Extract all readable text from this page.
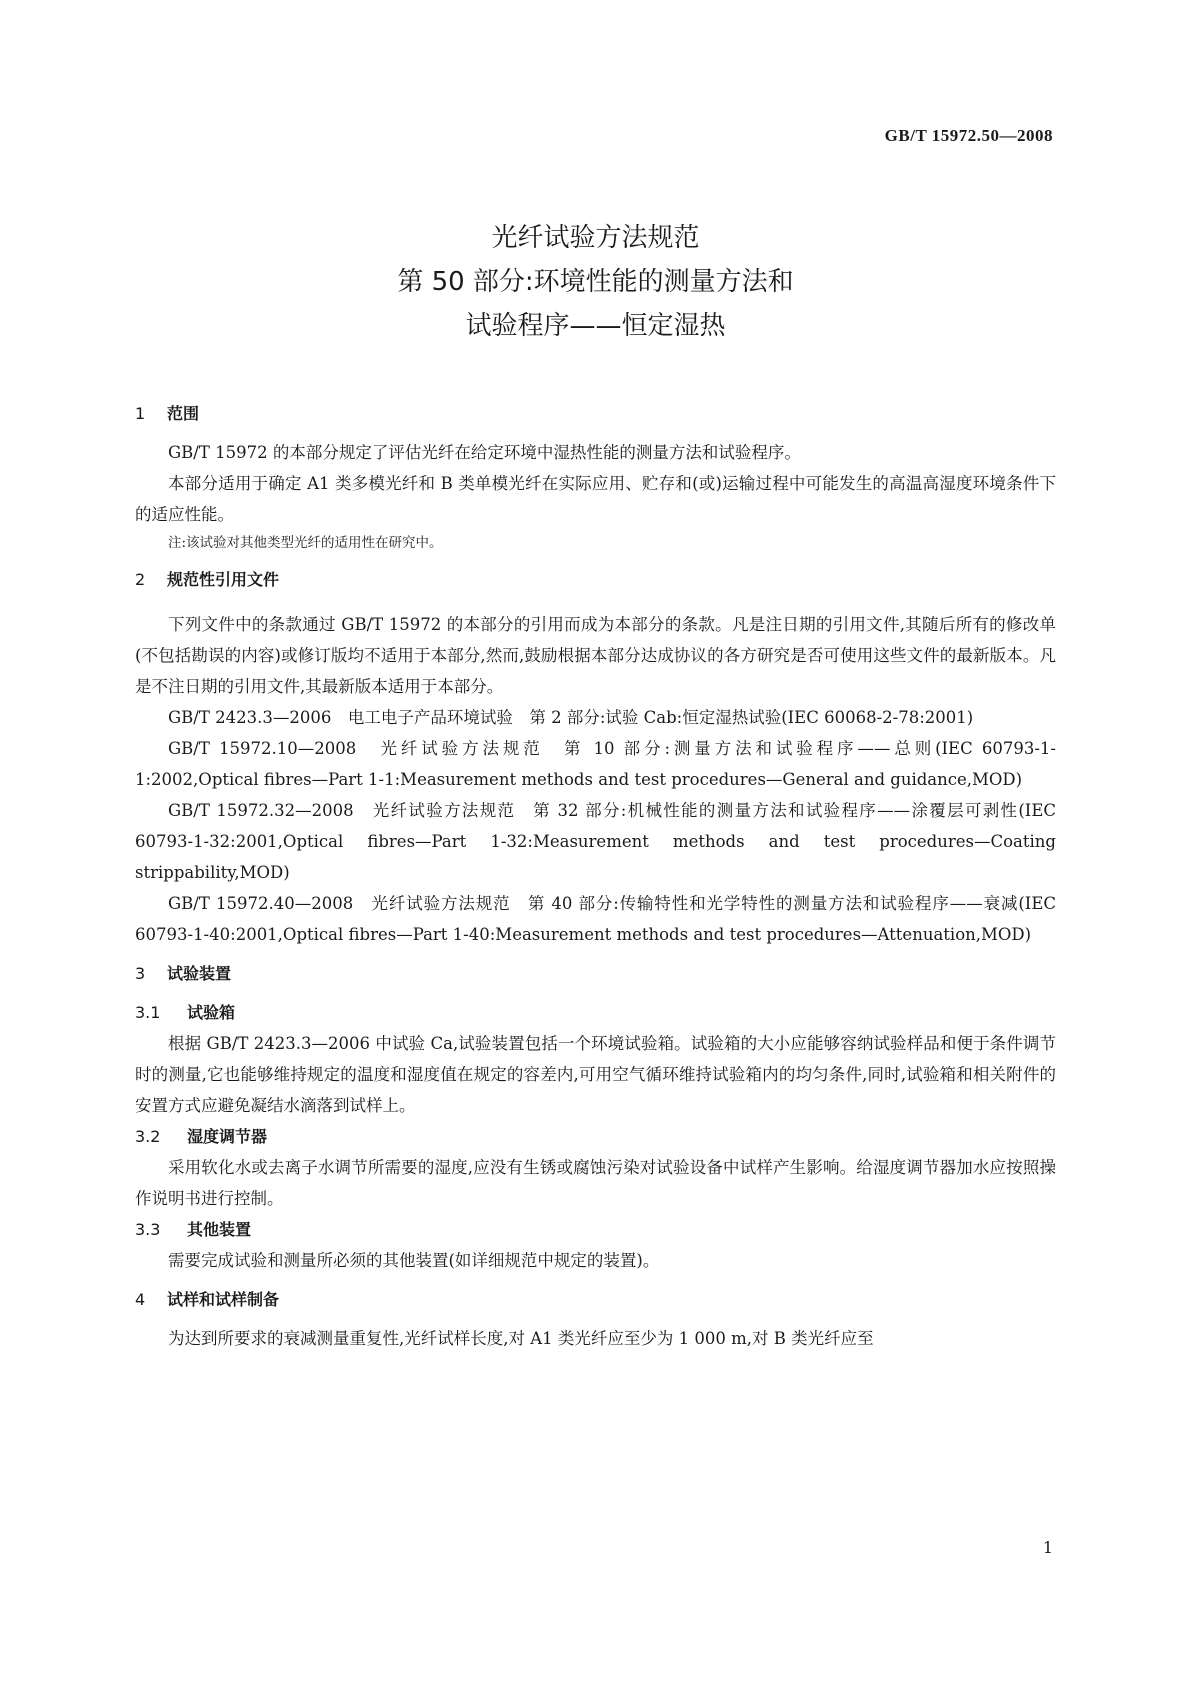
GB/T 15972.50—2008
光纤试验方法规范
第 50 部分:环境性能的测量方法和
试验程序——恒定湿热
1 范围

GB/T 15972 的本部分规定了评估光纤在给定环境中湿热性能的测量方法和试验程序。

本部分适用于确定 A1 类多模光纤和 B 类单模光纤在实际应用、贮存和(或)运输过程中可能发生的高温高湿度环境条件下的适应性能。

注:该试验对其他类型光纤的适用性在研究中。

2 规范性引用文件

下列文件中的条款通过 GB/T 15972 的本部分的引用而成为本部分的条款。凡是注日期的引用文件,其随后所有的修改单(不包括勘误的内容)或修订版均不适用于本部分,然而,鼓励根据本部分达成协议的各方研究是否可使用这些文件的最新版本。凡是不注日期的引用文件,其最新版本适用于本部分。

GB/T 2423.3—2006　电工电子产品环境试验　第 2 部分:试验 Cab:恒定湿热试验(IEC 60068-2-78:2001)

GB/T 15972.10—2008　光纤试验方法规范　第 10 部分:测量方法和试验程序——总则(IEC 60793-1-1:2002,Optical fibres—Part 1-1:Measurement methods and test procedures—General and guidance,MOD)

GB/T 15972.32—2008　光纤试验方法规范　第 32 部分:机械性能的测量方法和试验程序——涂覆层可剥性(IEC 60793-1-32:2001,Optical fibres—Part 1-32:Measurement methods and test procedures—Coating strippability,MOD)

GB/T 15972.40—2008　光纤试验方法规范　第 40 部分:传输特性和光学特性的测量方法和试验程序——衰减(IEC 60793-1-40:2001,Optical fibres—Part 1-40:Measurement methods and test procedures—Attenuation,MOD)

3 试验装置
3.1 试验箱

根据 GB/T 2423.3—2006 中试验 Ca,试验装置包括一个环境试验箱。试验箱的大小应能够容纳试验样品和便于条件调节时的测量,它也能够维持规定的温度和湿度值在规定的容差内,可用空气循环维持试验箱内的均匀条件,同时,试验箱和相关附件的安置方式应避免凝结水滴落到试样上。

3.2 湿度调节器

采用软化水或去离子水调节所需要的湿度,应没有生锈或腐蚀污染对试验设备中试样产生影响。给湿度调节器加水应按照操作说明书进行控制。

3.3 其他装置

需要完成试验和测量所必须的其他装置(如详细规范中规定的装置)。

4 试样和试样制备

为达到所要求的衰减测量重复性,光纤试样长度,对 A1 类光纤应至少为 1 000 m,对 B 类光纤应至

1
